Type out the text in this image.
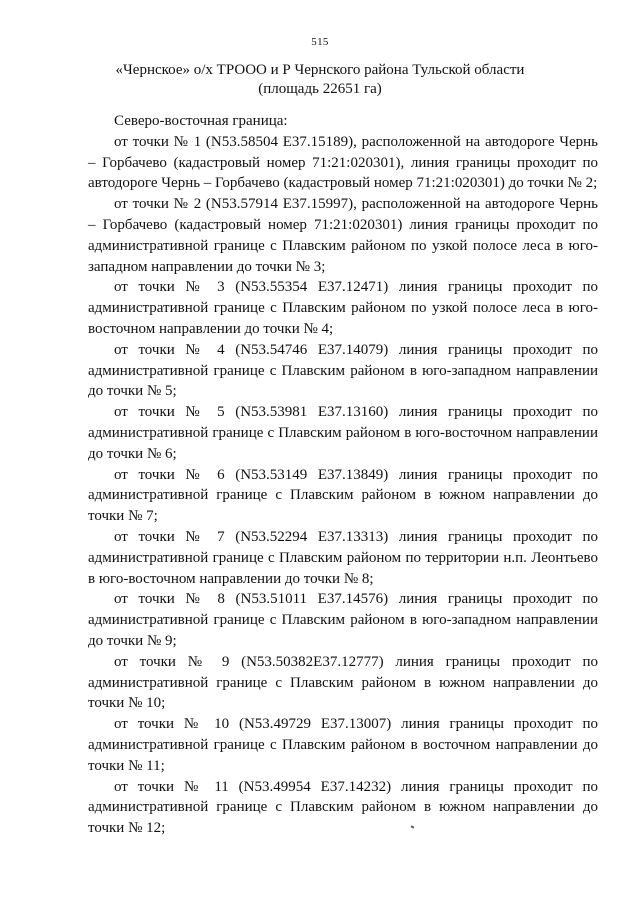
515
«Чернское» о/х ТРООО и Р Чернского района Тульской области
(площадь 22651 га)

Северо-восточная граница:

от точки № 1 (N53.58504 E37.15189), расположенной на автодороге Чернь – Горбачево (кадастровый номер 71:21:020301), линия границы проходит по автодороге Чернь – Горбачево (кадастровый номер 71:21:020301) до точки № 2;

от точки № 2 (N53.57914 E37.15997), расположенной на автодороге Чернь – Горбачево (кадастровый номер 71:21:020301) линия границы проходит по административной границе с Плавским районом по узкой полосе леса в юго-западном направлении до точки № 3;

от точки № 3 (N53.55354 E37.12471) линия границы проходит по административной границе с Плавским районом по узкой полосе леса в юго-восточном направлении до точки № 4;

от точки № 4 (N53.54746 E37.14079) линия границы проходит по административной границе с Плавским районом в юго-западном направлении до точки № 5;

от точки № 5 (N53.53981 E37.13160) линия границы проходит по административной границе с Плавским районом в юго-восточном направлении до точки № 6;

от точки № 6 (N53.53149 E37.13849) линия границы проходит по административной границе с Плавским районом в южном направлении до точки № 7;

от точки № 7 (N53.52294 E37.13313) линия границы проходит по административной границе с Плавским районом по территории н.п. Леонтьево в юго-восточном направлении до точки № 8;

от точки № 8 (N53.51011 E37.14576) линия границы проходит по административной границе с Плавским районом в юго-западном направлении до точки № 9;

от точки № 9 (N53.50382E37.12777) линия границы проходит по административной границе с Плавским районом в южном направлении до точки № 10;

от точки № 10 (N53.49729 E37.13007) линия границы проходит по административной границе с Плавским районом в восточном направлении до точки № 11;

от точки № 11 (N53.49954 E37.14232) линия границы проходит по административной границе с Плавским районом в южном направлении до точки № 12;
